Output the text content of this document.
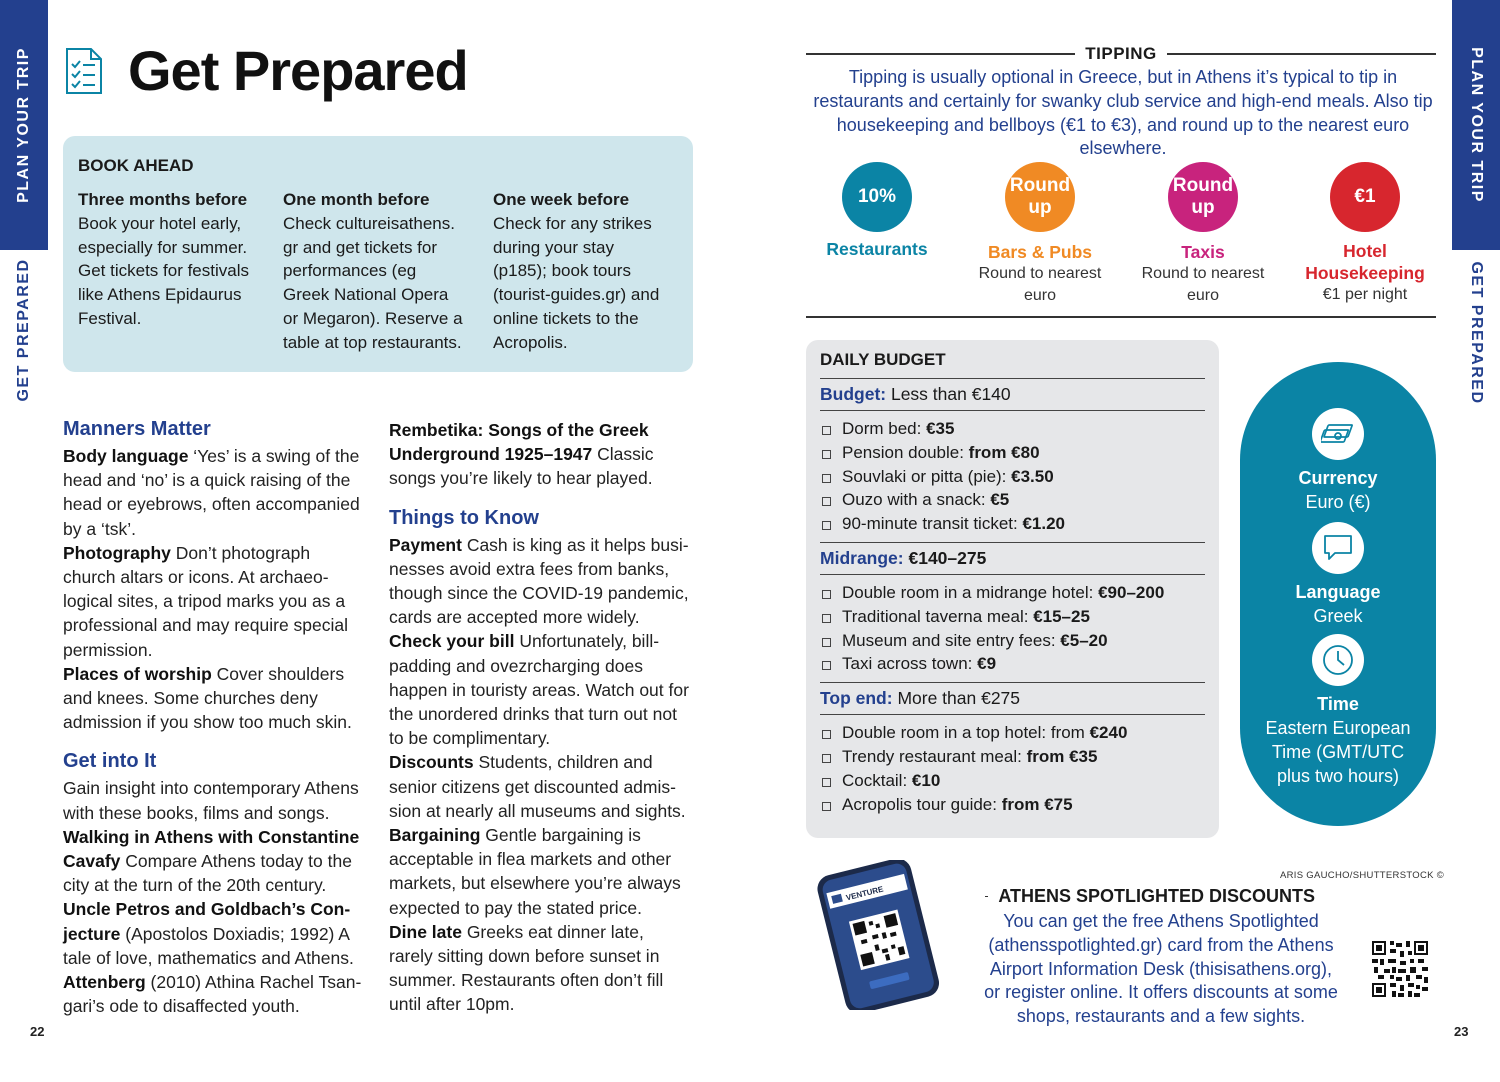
PLAN YOUR TRIP
GET PREPARED
22
Get Prepared
BOOK AHEAD
Three months before
Book your hotel early,
especially for summer.
Get tickets for festivals
like Athens Epidaurus
Festival.
One month before
Check cultureisathens.
gr and get tickets for
performances (eg
Greek National Opera
or Megaron). Reserve a
table at top restaurants.
One week before
Check for any strikes
during your stay
(p185); book tours
(tourist-guides.gr) and
online tickets to the
Acropolis.
Manners Matter

Body language ‘Yes’ is a swing of the head and ‘no’ is a quick raising of the head or eyebrows, often accompanied by a ‘tsk’.

Photography Don’t photograph church altars or icons. At archaeo-logical sites, a tripod marks you as a professional and may require special permission.

Places of worship Cover shoulders and knees. Some churches deny admission if you show too much skin.

Get into It

Gain insight into contemporary Athens with these books, films and songs.

Walking in Athens with Constantine Cavafy Compare Athens today to the city at the turn of the 20th century.

Uncle Petros and Goldbach’s Con-jecture (Apostolos Doxiadis; 1992) A tale of love, mathematics and Athens.

Attenberg (2010) Athina Rachel Tsan-gari’s ode to disaffected youth.

Rembetika: Songs of the Greek Underground 1925–1947 Classic songs you’re likely to hear played.

Things to Know

Payment Cash is king as it helps busi-nesses avoid extra fees from banks, though since the COVID-19 pandemic, cards are accepted more widely.

Check your bill Unfortunately, bill-padding and ovezrcharging does happen in touristy areas. Watch out for the unordered drinks that turn out not to be complimentary.

Discounts Students, children and senior citizens get discounted admis-sion at nearly all museums and sights.

Bargaining Gentle bargaining is acceptable in flea markets and other markets, but elsewhere you’re always expected to pay the stated price.

Dine late Greeks eat dinner late, rarely sitting down before sunset in summer. Restaurants often don’t fill until after 10pm.

PLAN YOUR TRIP
GET PREPARED
23
TIPPING

Tipping is usually optional in Greece, but in Athens it’s typical to tip in restaurants and certainly for swanky club service and high-end meals. Also tip housekeeping and bellboys (€1 to €3), and round up to the nearest euro elsewhere.

10%
Restaurants
Round up
Bars & Pubs
Round to nearest euro
Round up
Taxis
Round to nearest euro
€1
Hotel Housekeeping
€1 per night
DAILY BUDGET
Budget: Less than €140
Dorm bed: €35
Pension double: from €80
Souvlaki or pitta (pie): €3.50
Ouzo with a snack: €5
90-minute transit ticket: €1.20
Midrange: €140–275
Double room in a midrange hotel: €90–200
Traditional taverna meal: €15–25
Museum and site entry fees: €5–20
Taxi across town: €9
Top end: More than €275
Double room in a top hotel: from €240
Trendy restaurant meal: from €35
Cocktail: €10
Acropolis tour guide: from €75
Currency
Euro (€)
Language
Greek
Time
Eastern European Time (GMT/UTC plus two hours)
VENTURE
ARIS GAUCHO/SHUTTERSTOCK ©
ATHENS SPOTLIGHTED DISCOUNTS

You can get the free Athens Spotlighted (athensspotlighted.gr) card from the Athens Airport Information Desk (thisisathens.org), or register online. It offers discounts at some shops, restaurants and a few sights.
